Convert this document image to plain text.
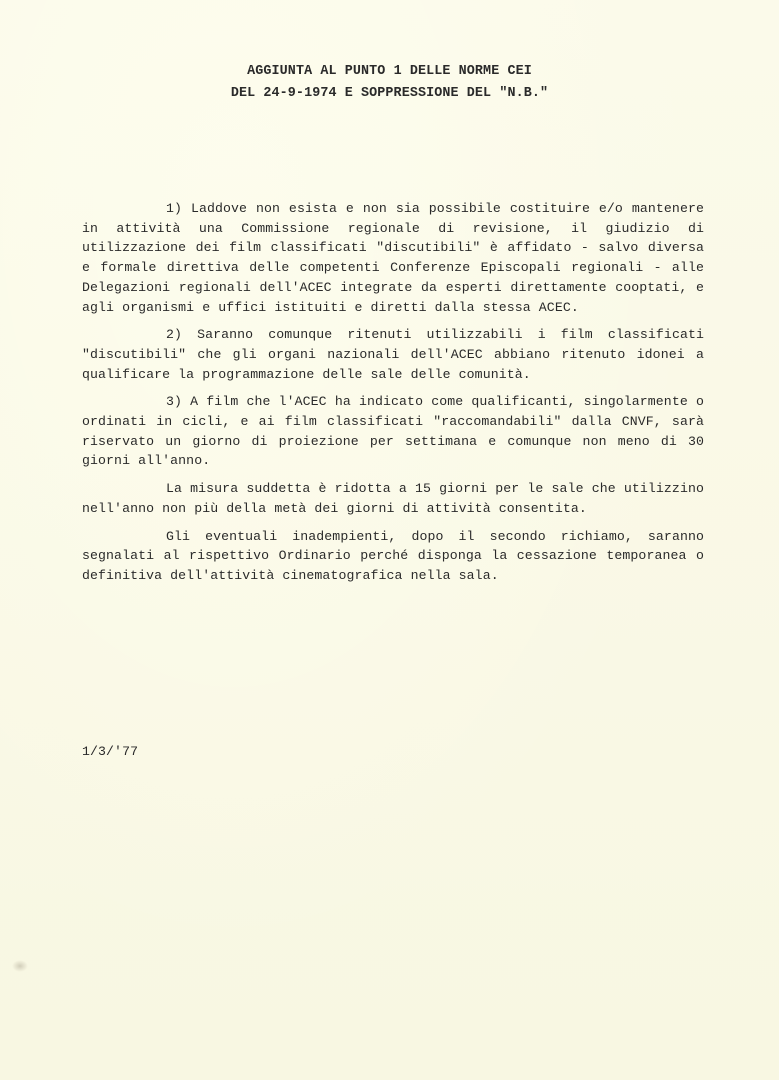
AGGIUNTA AL PUNTO 1 DELLE NORME CEI
DEL 24-9-1974 E SOPPRESSIONE DEL "N.B."

1) Laddove non esista e non sia possibile costituire e/o mantenere in attività una Commissione regionale di revisione, il giudizio di utilizzazione dei film classificati "discutibili" è affidato - salvo diversa e formale direttiva delle competenti Conferenze Episcopali regionali - alle Delegazioni regionali dell'ACEC integrate da esperti direttamente cooptati, e agli organismi e uffici istituiti e diretti dalla stessa ACEC.

2) Saranno comunque ritenuti utilizzabili i film classificati "discutibili" che gli organi nazionali dell'ACEC abbiano ritenuto idonei a qualificare la programmazione delle sale delle comunità.

3) A film che l'ACEC ha indicato come qualificanti, singolarmente o ordinati in cicli, e ai film classificati "raccomandabili" dalla CNVF, sarà riservato un giorno di proiezione per settimana e comunque non meno di 30 giorni all'anno.

La misura suddetta è ridotta a 15 giorni per le sale che utilizzino nell'anno non più della metà dei giorni di attività consentita.

Gli eventuali inadempienti, dopo il secondo richiamo, saranno segnalati al rispettivo Ordinario perché disponga la cessazione temporanea o definitiva dell'attività cinematografica nella sala.

1/3/'77
